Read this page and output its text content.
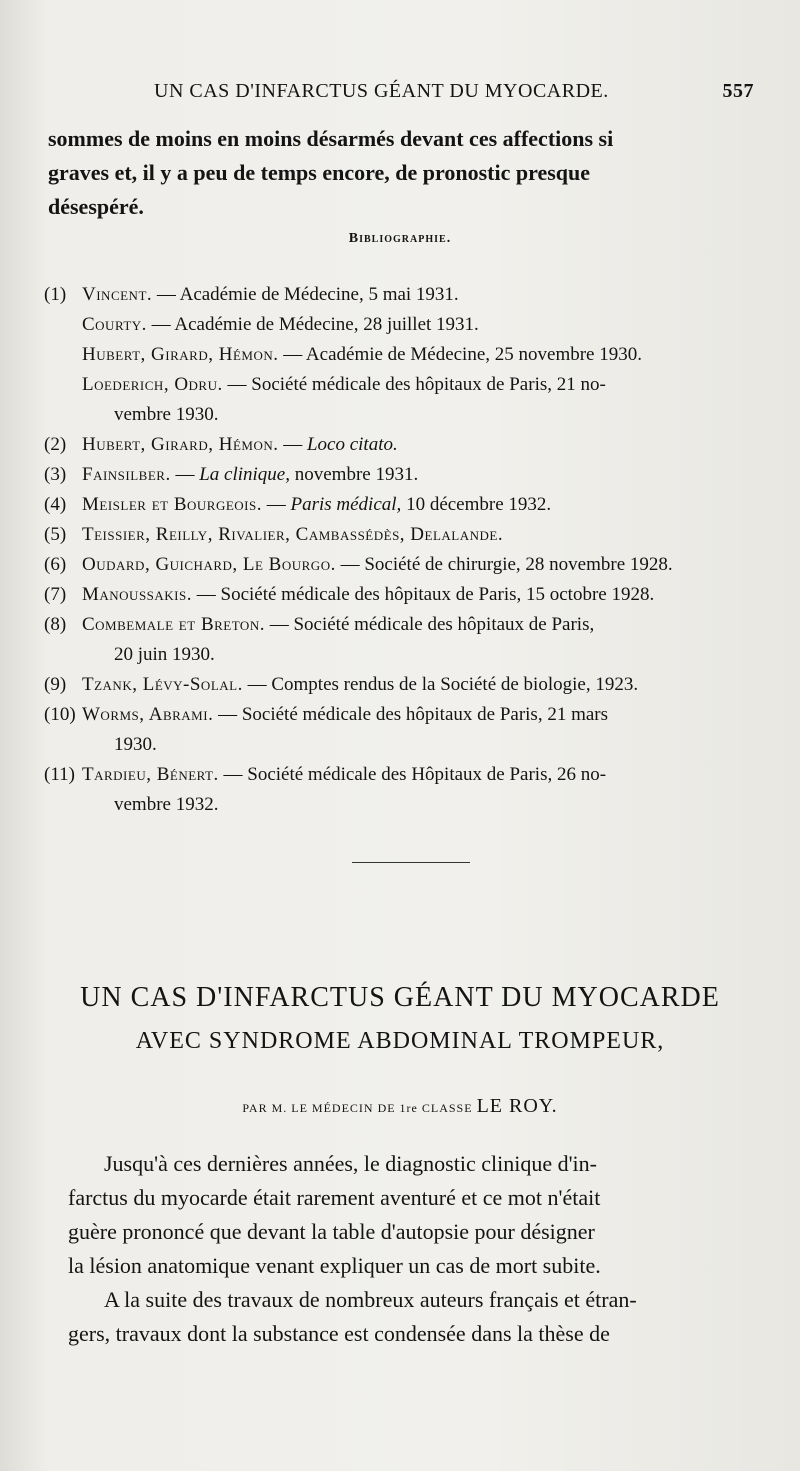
UN CAS D'INFARCTUS GÉANT DU MYOCARDE.	557

sommes de moins en moins désarmés devant ces affections si
graves et, il y a peu de temps encore, de pronostic presque
désespéré.

Bibliographie.
(1) Vincent. — Académie de Médecine, 5 mai 1931.
Courty. — Académie de Médecine, 28 juillet 1931.
Hubert, Girard, Hémon. — Académie de Médecine, 25 novembre 1930.
Loederich, Odru. — Société médicale des hôpitaux de Paris, 21 no-
vembre 1930.
(2) Hubert, Girard, Hémon. — Loco citato.
(3) Fainsilber. — La clinique, novembre 1931.
(4) Meisler et Bourgeois. — Paris médical, 10 décembre 1932.
(5) Teissier, Reilly, Rivalier, Cambassédès, Delalande.
(6) Oudard, Guichard, Le Bourgo. — Société de chirurgie, 28 novembre 1928.
(7) Manoussakis. — Société médicale des hôpitaux de Paris, 15 octobre 1928.
(8) Combemale et Breton. — Société médicale des hôpitaux de Paris,
20 juin 1930.
(9) Tzank, Lévy-Solal. — Comptes rendus de la Société de biologie, 1923.
(10) Worms, Abrami. — Société médicale des hôpitaux de Paris, 21 mars
1930.
(11) Tardieu, Bénert. — Société médicale des Hôpitaux de Paris, 26 no-
vembre 1932.
UN CAS D'INFARCTUS GÉANT DU MYOCARDE
AVEC SYNDROME ABDOMINAL TROMPEUR,
PAR M. LE MÉDECIN DE 1re CLASSE LE ROY.
Jusqu'à ces dernières années, le diagnostic clinique d'in-
farctus du myocarde était rarement aventuré et ce mot n'était
guère prononcé que devant la table d'autopsie pour désigner
la lésion anatomique venant expliquer un cas de mort subite.
A la suite des travaux de nombreux auteurs français et étran-
gers, travaux dont la substance est condensée dans la thèse de
